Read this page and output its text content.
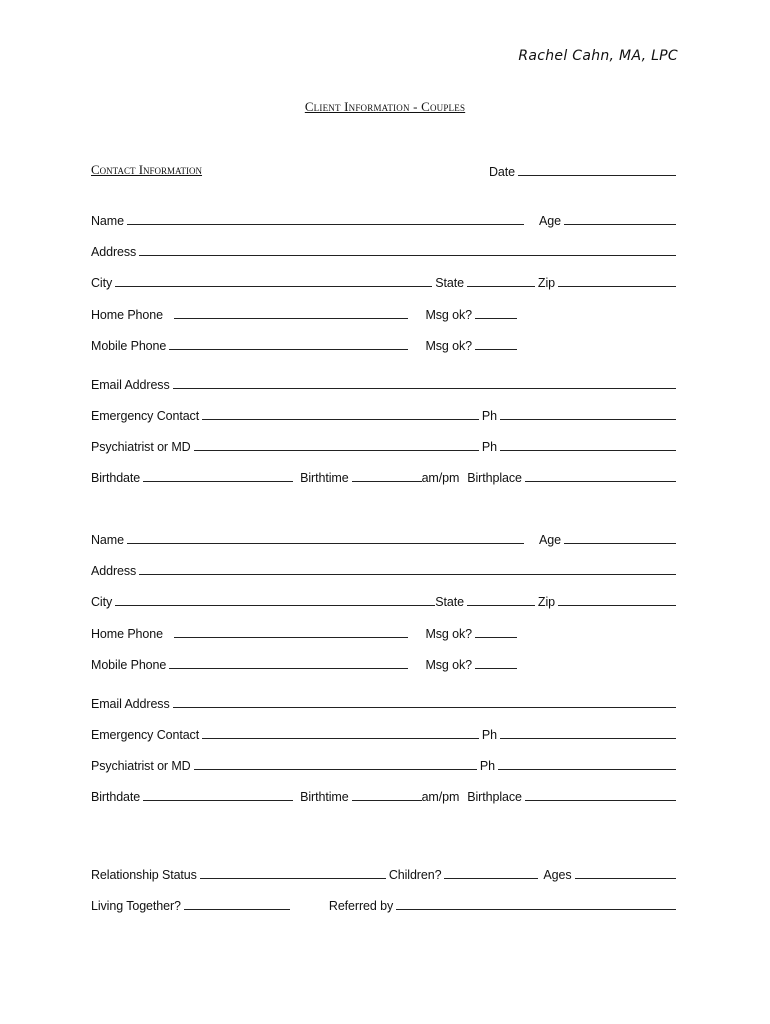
Rachel Cahn, MA, LPC
Client Information - Couples
Contact Information	Date
Name	Age
Address
City	State	Zip
Home Phone	Msg ok?
Mobile Phone	Msg ok?
Email Address
Emergency Contact	Ph
Psychiatrist or MD	Ph
Birthdate	Birthtime	am/pm Birthplace
Name	Age
Address
City	State	Zip
Home Phone	Msg ok?
Mobile Phone	Msg ok?
Email Address
Emergency Contact	Ph
Psychiatrist or MD	Ph
Birthdate	Birthtime	am/pm Birthplace
Relationship Status	Children?	Ages
Living Together?	Referred by
